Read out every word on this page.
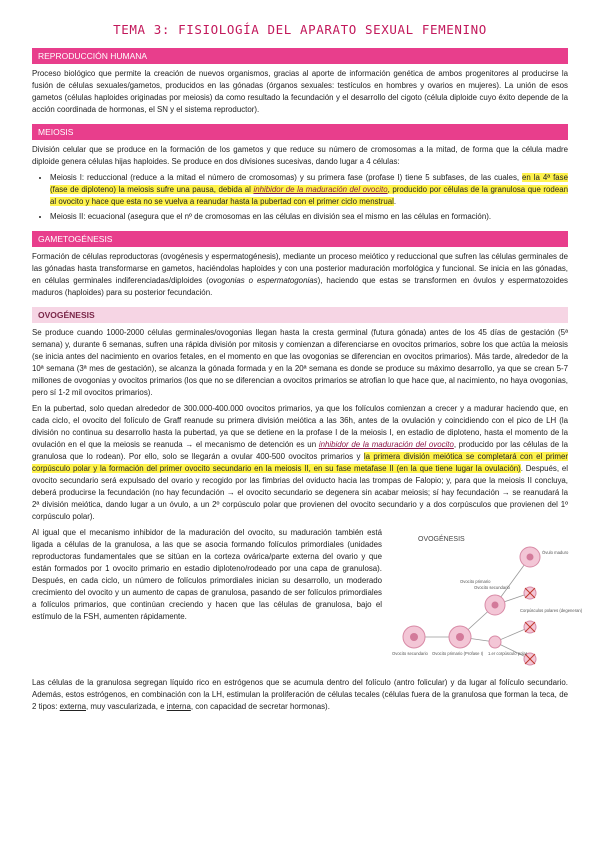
TEMA 3: FISIOLOGÍA DEL APARATO SEXUAL FEMENINO
REPRODUCCIÓN HUMANA

Proceso biológico que permite la creación de nuevos organismos, gracias al aporte de información genética de ambos progenitores al producirse la fusión de células sexuales/gametos, producidos en las gónadas (órganos sexuales: testículos en hombres y ovarios en mujeres). La unión de esos gametos (células haploides originadas por meiosis) da como resultado la fecundación y el desarrollo del cigoto (célula diploide cuyo éxito depende de la acción coordinada de hormonas, el SN y el sistema reproductor).

MEIOSIS

División celular que se produce en la formación de los gametos y que reduce su número de cromosomas a la mitad, de forma que la célula madre diploide genera células hijas haploides. Se produce en dos divisiones sucesivas, dando lugar a 4 células:

• Meiosis I: reduccional (reduce a la mitad el número de cromosomas) y su primera fase (profase I) tiene 5 subfases, de las cuales, en la 4ª fase (fase de diploteno) la meiosis sufre una pausa, debida al inhibidor de la maduración del ovocito, producido por células de la granulosa que rodean al ovocito y hace que esta no se vuelva a reanudar hasta la pubertad con el primer ciclo menstrual.
• Meiosis II: ecuacional (asegura que el nº de cromosomas en las células en división sea el mismo en las células en formación).
GAMETOGÉNESIS

Formación de células reproductoras (ovogénesis y espermatogénesis), mediante un proceso meiótico y reduccional que sufren las células germinales de las gónadas hasta transformarse en gametos, haciéndolas haploides y con una posterior maduración morfológica y funcional. Se inicia en las gónadas, en células germinales indiferenciadas/diploides (ovogonias o espermatogonias), haciendo que estas se transformen en óvulos y espermatozoides maduros (haploides) para su posterior fecundación.

OVOGÉNESIS

Se produce cuando 1000-2000 células germinales/ovogonias llegan hasta la cresta germinal (futura gónada) antes de los 45 días de gestación (5ª semana) y, durante 6 semanas, sufren una rápida división por mitosis y comienzan a diferenciarse en ovocitos primarios, sobre los que actúa la meiosis (se inicia antes del nacimiento en ovarios fetales, en el momento en que las ovogonias se diferencian en ovocitos primarios). Más tarde, alrededor de la 10ª semana (3ª mes de gestación), se alcanza la gónada formada y en la 20ª semana es donde se produce su máximo desarrollo, ya que se crean 5-7 millones de ovogonias y ovocitos primarios (los que no se diferencian a ovocitos primarios se atrofian lo que hace que, al nacimiento, no haya ovogonias, pero sí 1-2 mil ovocitos primarios).

En la pubertad, solo quedan alrededor de 300.000-400.000 ovocitos primarios, ya que los folículos comienzan a crecer y a madurar haciendo que, en cada ciclo, el ovocito del folículo de Graff reanude su primera división meiótica a las 36h, antes de la ovulación y coincidiendo con el pico de LH (la división no continua su desarrollo hasta la pubertad, ya que se detiene en la profase I de la meiosis I, en estadio de diploteno, hasta el momento de la ovulación en el que la meiosis se reanuda → el mecanismo de detención es un inhibidor de la maduración del ovocito, producido por las células de la granulosa que lo rodean). Por ello, solo se llegarán a ovular 400-500 ovocitos primarios y la primera división meiótica se completará con el primer corpúsculo polar y la formación del primer ovocito secundario en la meiosis II, en su fase metafase II (en la que tiene lugar la ovulación). Después, el ovocito secundario será expulsado del ovario y recogido por las fimbrias del oviducto hacia las trompas de Falopio; y, para que la meiosis II concluya, deberá producirse la fecundación (no hay fecundación → el ovocito secundario se degenera sin acabar meiosis; sí hay fecundación → se reanudará la 2ª división meiótica, dando lugar a un óvulo, a un 2º corpúsculo polar que provienen del ovocito secundario y a dos corpúsculos que provienen del 1º corpúsculo polar).

Al igual que el mecanismo inhibidor de la maduración del ovocito, su maduración también está ligada a células de la granulosa, a las que se asocia formando folículos primordiales (unidades reproductoras fundamentales que se sitúan en la corteza ovárica/parte externa del ovario y que están formados por 1 ovocito primario en estadio diploteno/rodeado por una capa de granulosa). Después, en cada ciclo, un número de folículos primordiales inician su desarrollo, un moderado crecimiento del ovocito y un aumento de capas de granulosa, pasando de ser folículos primordiales a folículos primarios, que continúan creciendo y hacen que las células de granulosa, bajo el estímulo de la FSH, aumenten rápidamente.

OVOGÉNESIS
Óvulo maduro
Ovocito secundario
Ovocito primario
Corpúsculos polares (degeneran)
Ovocito primario (Profase I) 1.er corpúsculo polar
Ovocito secundario

Las células de la granulosa segregan líquido rico en estrógenos que se acumula dentro del folículo (antro folicular) y da lugar al folículo secundario. Además, estos estrógenos, en combinación con la LH, estimulan la proliferación de células tecales (células fuera de la granulosa que forman la teca, de 2 tipos: externa, muy vascularizada, e interna, con capacidad de secretar hormonas).
